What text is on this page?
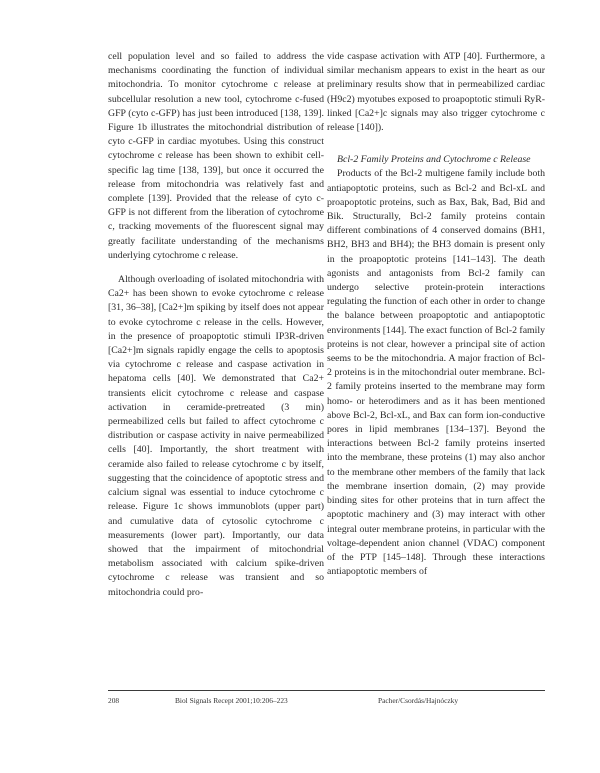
cell population level and so failed to address the mechanisms coordinating the function of individual mitochondria. To monitor cytochrome c release at subcellular resolution a new tool, cytochrome c-fused GFP (cyto c-GFP) has just been introduced [138, 139]. Figure 1b illustrates the mitochondrial distribution of cyto c-GFP in cardiac myotubes. Using this construct cytochrome c release has been shown to exhibit cell-specific lag time [138, 139], but once it occurred the release from mitochondria was relatively fast and complete [139]. Provided that the release of cyto c-GFP is not different from the liberation of cytochrome c, tracking movements of the fluorescent signal may greatly facilitate understanding of the mechanisms underlying cytochrome c release.

Although overloading of isolated mitochondria with Ca2+ has been shown to evoke cytochrome c release [31, 36–38], [Ca2+]m spiking by itself does not appear to evoke cytochrome c release in the cells. However, in the presence of proapoptotic stimuli IP3R-driven [Ca2+]m signals rapidly engage the cells to apoptosis via cytochrome c release and caspase activation in hepatoma cells [40]. We demonstrated that Ca2+ transients elicit cytochrome c release and caspase activation in ceramide-pretreated (3 min) permeabilized cells but failed to affect cytochrome c distribution or caspase activity in naive permeabilized cells [40]. Importantly, the short treatment with ceramide also failed to release cytochrome c by itself, suggesting that the coincidence of apoptotic stress and calcium signal was essential to induce cytochrome c release. Figure 1c shows immunoblots (upper part) and cumulative data of cytosolic cytochrome c measurements (lower part). Importantly, our data showed that the impairment of mitochondrial metabolism associated with calcium spike-driven cytochrome c release was transient and so mitochondria could pro-

vide caspase activation with ATP [40]. Furthermore, a similar mechanism appears to exist in the heart as our preliminary results show that in permeabilized cardiac (H9c2) myotubes exposed to proapoptotic stimuli RyR-linked [Ca2+]c signals may also trigger cytochrome c release [140]).

Bcl-2 Family Proteins and Cytochrome c Release

Products of the Bcl-2 multigene family include both antiapoptotic proteins, such as Bcl-2 and Bcl-xL and proapoptotic proteins, such as Bax, Bak, Bad, Bid and Bik. Structurally, Bcl-2 family proteins contain different combinations of 4 conserved domains (BH1, BH2, BH3 and BH4); the BH3 domain is present only in the proapoptotic proteins [141–143]. The death agonists and antagonists from Bcl-2 family can undergo selective protein-protein interactions regulating the function of each other in order to change the balance between proapoptotic and antiapoptotic environments [144]. The exact function of Bcl-2 family proteins is not clear, however a principal site of action seems to be the mitochondria. A major fraction of Bcl-2 proteins is in the mitochondrial outer membrane. Bcl-2 family proteins inserted to the membrane may form homo- or heterodimers and as it has been mentioned above Bcl-2, Bcl-xL, and Bax can form ion-conductive pores in lipid membranes [134–137]. Beyond the interactions between Bcl-2 family proteins inserted into the membrane, these proteins (1) may also anchor to the membrane other members of the family that lack the membrane insertion domain, (2) may provide binding sites for other proteins that in turn affect the apoptotic machinery and (3) may interact with other integral outer membrane proteins, in particular with the voltage-dependent anion channel (VDAC) component of the PTP [145–148]. Through these interactions antiapoptotic members of

208	Biol Signals Recept 2001;10:206–223	Pacher/Csordás/Hajnóczky
